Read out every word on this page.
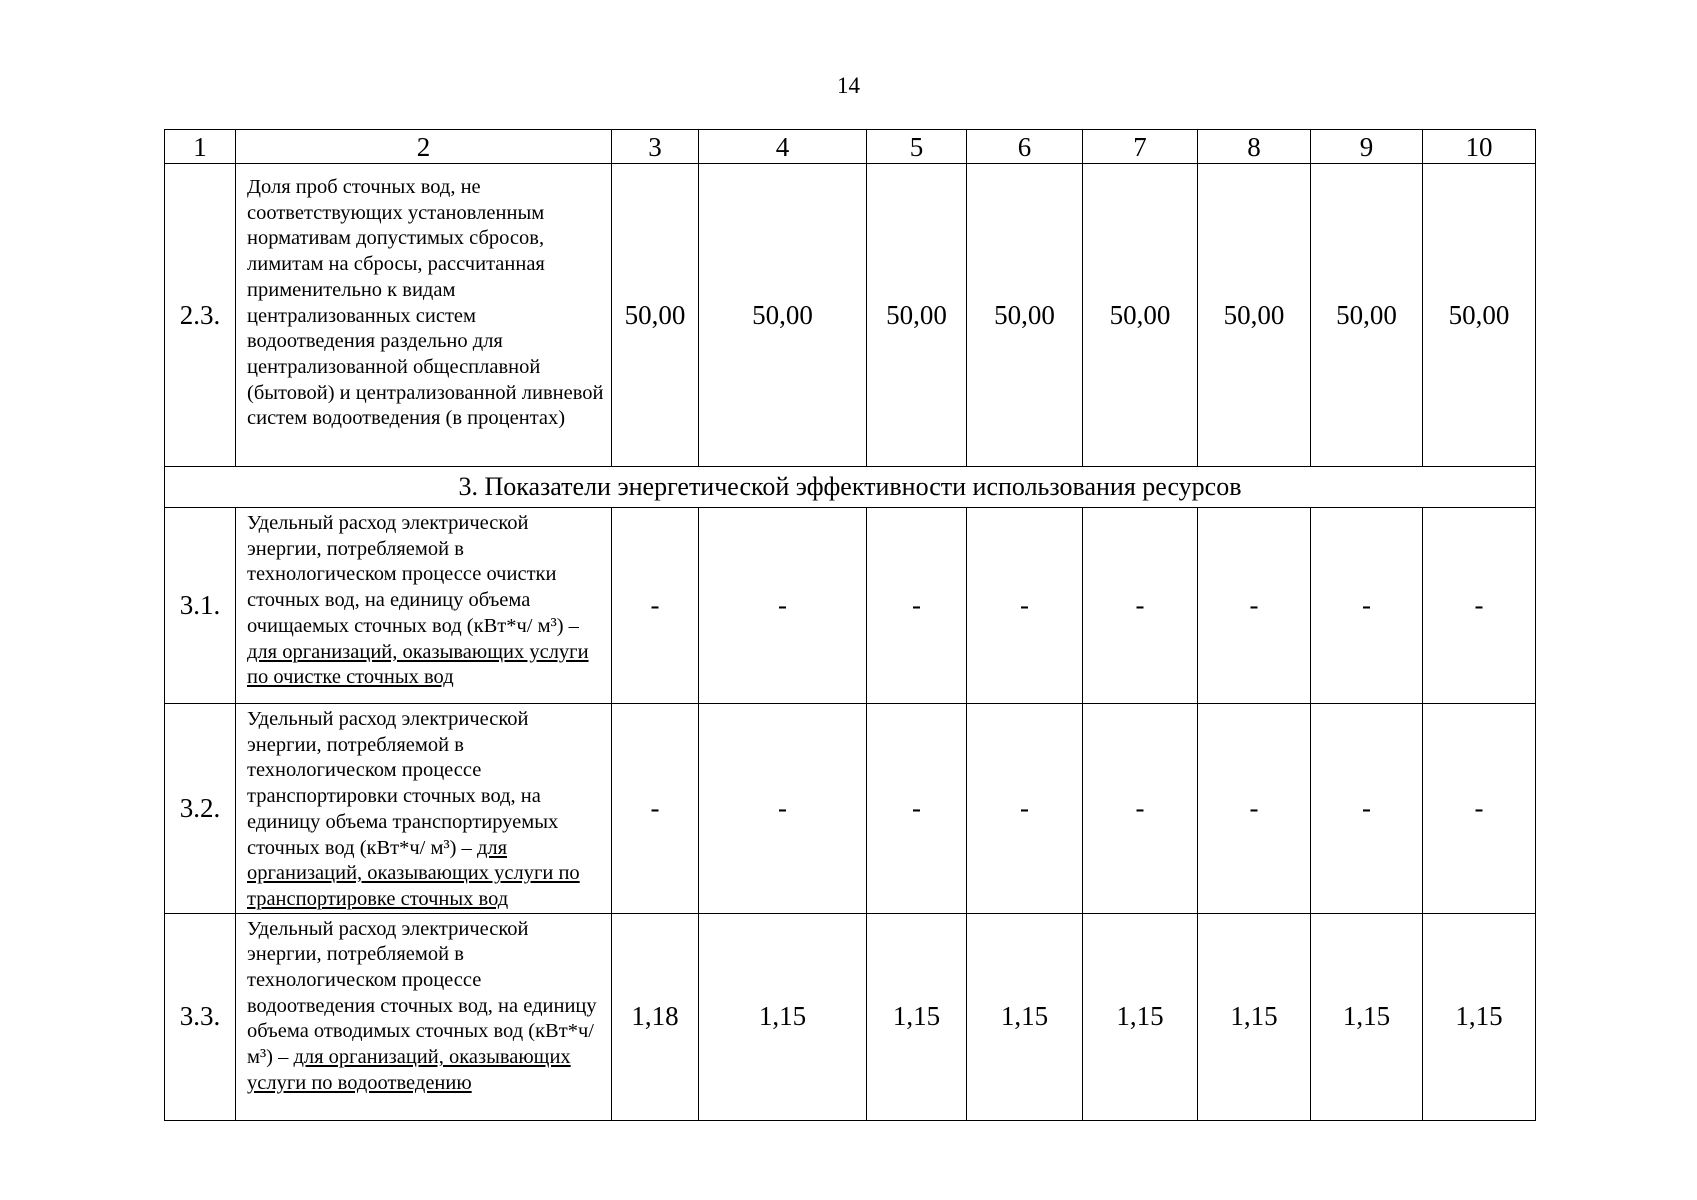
14
1	2	3	4	5	6	7	8	9	10
2.3.	Доля проб сточных вод, не соответствующих установленным нормативам допустимых сбросов, лимитам на сбросы, рассчитанная применительно к видам централизованных систем водоотведения раздельно для централизованной общесплавной (бытовой) и централизованной ливневой систем водоотведения (в процентах)	50,00	50,00	50,00	50,00	50,00	50,00	50,00	50,00
3. Показатели энергетической эффективности использования ресурсов									
3.1.	Удельный расход электрической энергии, потребляемой в технологическом процессе очистки сточных вод, на единицу объема очищаемых сточных вод (кВт*ч/ м³) – для организаций, оказывающих услуги по очистке сточных вод	-	-	-	-	-	-	-	-
3.2.	Удельный расход электрической энергии, потребляемой в технологическом процессе транспортировки сточных вод, на единицу объема транспортируемых сточных вод (кВт*ч/ м³) – для организаций, оказывающих услуги по транспортировке сточных вод	-	-	-	-	-	-	-	-
3.3.	Удельный расход электрической энергии, потребляемой в технологическом процессе водоотведения сточных вод, на единицу объема отводимых сточных вод (кВт*ч/ м³) – для организаций, оказывающих услуги по водоотведению	1,18	1,15	1,15	1,15	1,15	1,15	1,15	1,15
